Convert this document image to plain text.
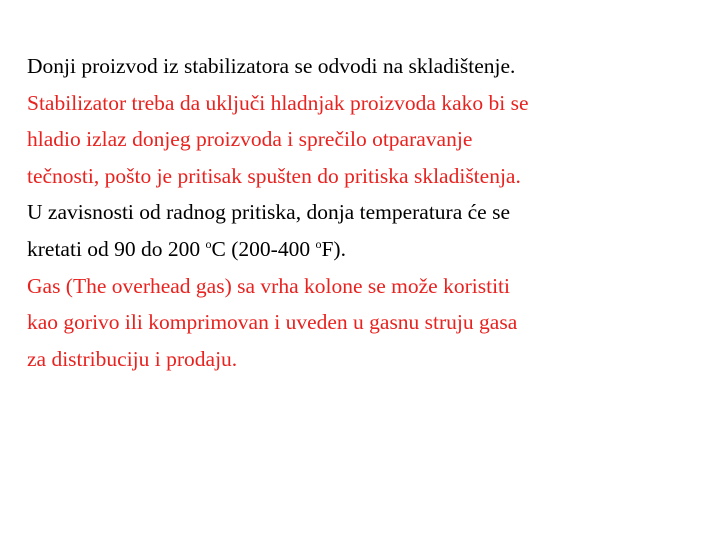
Donji proizvod iz stabilizatora se odvodi na skladištenje.

Stabilizator treba da uključi hladnjak proizvoda kako bi se
hladio izlaz donjeg proizvoda i sprečilo otparavanje
tečnosti, pošto je pritisak spušten do pritiska skladištenja.

U zavisnosti od radnog pritiska, donja temperatura će se
kretati od 90 do 200 $^o$C (200-400 $^o$F).

Gas (The overhead gas) sa vrha kolone se može koristiti
kao gorivo ili komprimovan i uveden u gasnu struju gasa
za distribuciju i prodaju.
